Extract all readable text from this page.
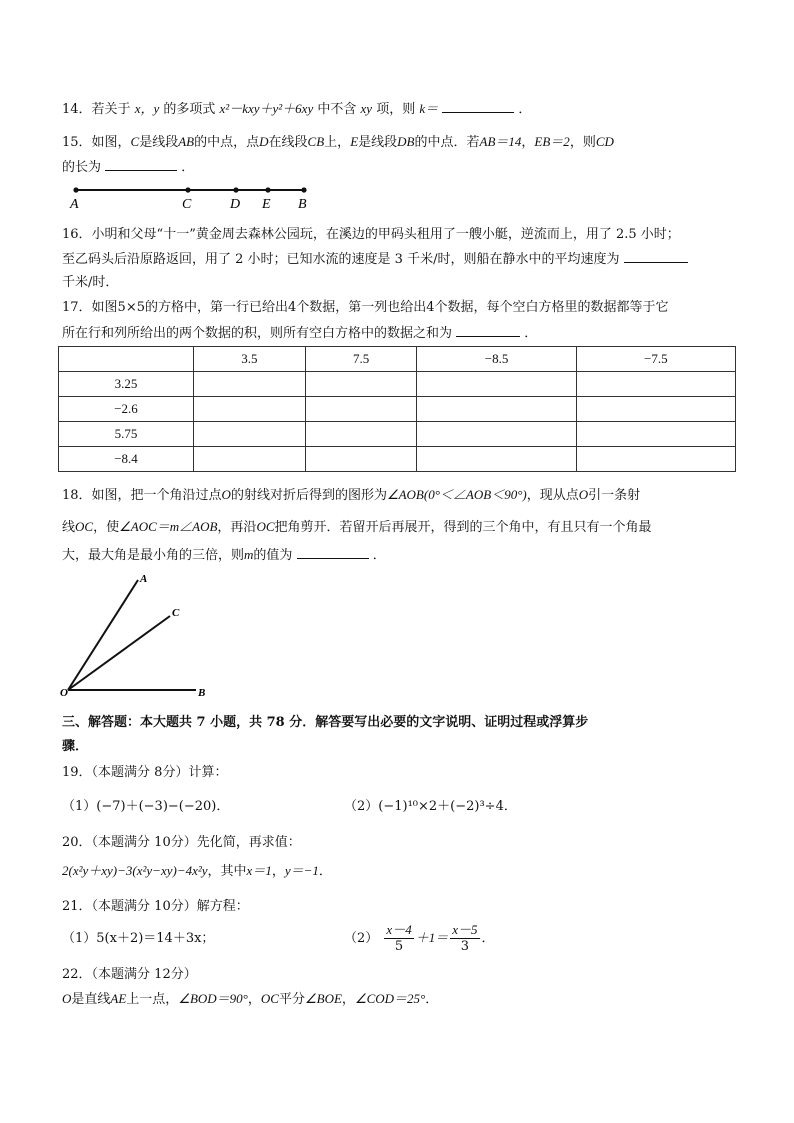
14．若关于 x，y 的多项式 x²－kxy＋y²＋6xy 中不含 xy 项，则 k＝	．
15．如图，C是线段AB的中点，点D在线段CB上，E是线段DB的中点．若AB＝14，EB＝2，则CD
的长为	．
A	C	D E B
16．小明和父母“十一”黄金周去森林公园玩，在溪边的甲码头租用了一艘小艇，逆流而上，用了 2.5 小时；
至乙码头后沿原路返回，用了 2 小时；已知水流的速度是 3 千米/时，则船在静水中的平均速度为
千米/时．
17．如图5×5的方格中，第一行已给出4个数据，第一列也给出4个数据，每个空白方格里的数据都等于它
所在行和列所给出的两个数据的积，则所有空白方格中的数据之和为	．
	3.5	7.5	−8.5	−7.5
3.25				
−2.6				
5.75				
−8.4				
18．如图，把一个角沿过点O的射线对折后得到的图形为∠AOB(0°＜∠AOB＜90°)，现从点O引一条射
线OC，使∠AOC＝m∠AOB，再沿OC把角剪开．若留开后再展开，得到的三个角中，有且只有一个角最
大，最大角是最小角的三倍，则m的值为	．
A
C
O	B
三、解答题：本大题共 7 小题，共 78 分．解答要写出必要的文字说明、证明过程或浮算步
骤．
19．（本题满分 8分）计算：
（1）(−7)＋(−3)−(−20)．	（2）(−1)¹⁰×2＋(−2)³÷4．
20．（本题满分 10分）先化简，再求值：
2(x²y＋xy)−3(x²y−xy)−4x²y，其中x＝1，y＝−1．
21．（本题满分 10分）解方程：
（1）5(x＋2)＝14＋3x；	$(2) \frac{x-4}{5} +1= \frac{x-5}{3}$ ．
22．（本题满分 12分）
O是直线AE上一点，∠BOD＝90°，OC平分∠BOE，∠COD＝25°．
